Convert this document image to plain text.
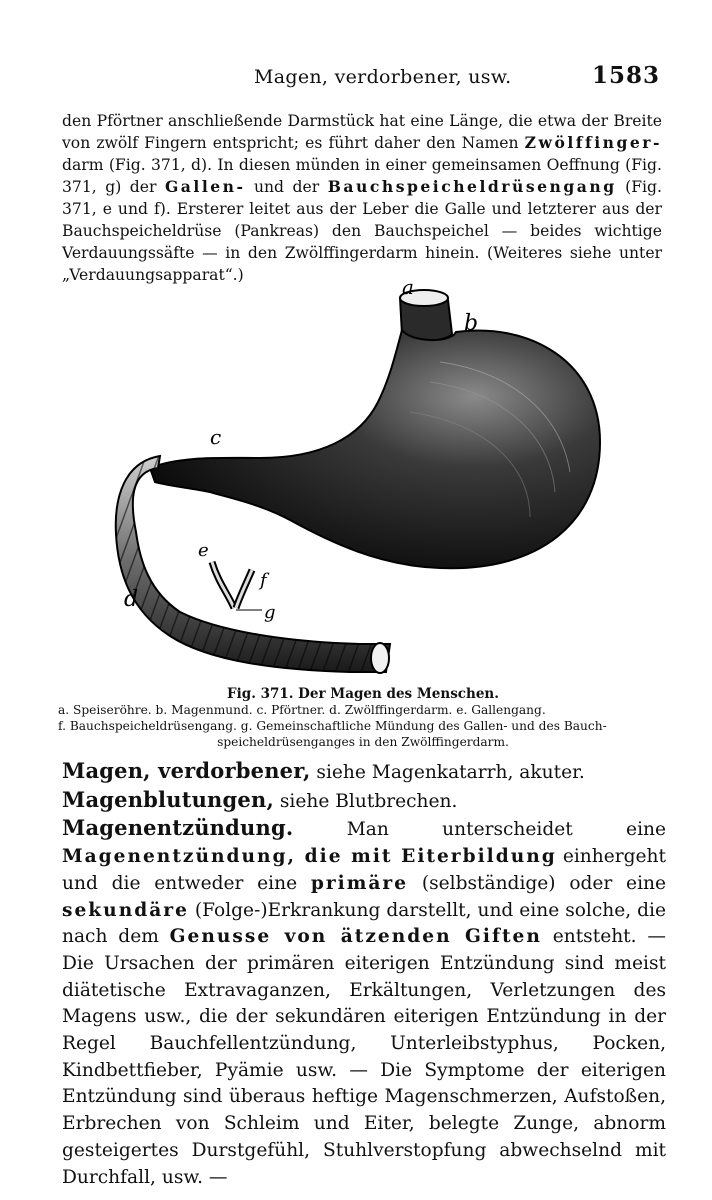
Magen, verdorbener, usw.	1583

den Pförtner anschließende Darmstück hat eine Länge, die etwa der Breite von zwölf Fingern entspricht; es führt daher den Namen Zwölffinger- darm (Fig. 371, d). In diesen münden in einer gemeinsamen Oeffnung (Fig. 371, g) der Gallen- und der Bauchspeicheldrüsengang (Fig. 371, e und f). Ersterer leitet aus der Leber die Galle und letzterer aus der Bauchspeicheldrüse (Pankreas) den Bauchspeichel — beides wichtige Verdauungssäfte — in den Zwölffingerdarm hinein. (Weiteres siehe unter „Verdauungsapparat“.)	a
b
c
d
e
f
g
Fig. 371. Der Magen des Menschen.
a. Speiseröhre. b. Magenmund. c. Pförtner. d. Zwölffingerdarm. e. Gallengang.
f. Bauchspeicheldrüsengang. g. Gemeinschaftliche Mündung des Gallen- und des Bauch-
speicheldrüsenganges in den Zwölffingerdarm.

Magen, verdorbener, siehe Magenkatarrh, akuter.

Magenblutungen, siehe Blutbrechen.

Magenentzündung. Man unterscheidet eine Magenentzündung, die mit Eiterbildung einhergeht und die entweder eine primäre (selbständige) oder eine sekundäre (Folge-)Erkrankung darstellt, und eine solche, die nach dem Genusse von ätzenden Giften entsteht. — Die Ursachen der primären eiterigen Entzündung sind meist diätetische Extravaganzen, Erkältungen, Verletzungen des Magens usw., die der sekundären eiterigen Entzündung in der Regel Bauchfellentzündung, Unterleibstyphus, Pocken, Kindbettfieber, Pyämie usw. — Die Symptome der eiterigen Entzündung sind überaus heftige Magenschmerzen, Aufstoßen, Erbrechen von Schleim und Eiter, belegte Zunge, abnorm gesteigertes Durstgefühl, Stuhlverstopfung abwechselnd mit Durchfall, usw. —
